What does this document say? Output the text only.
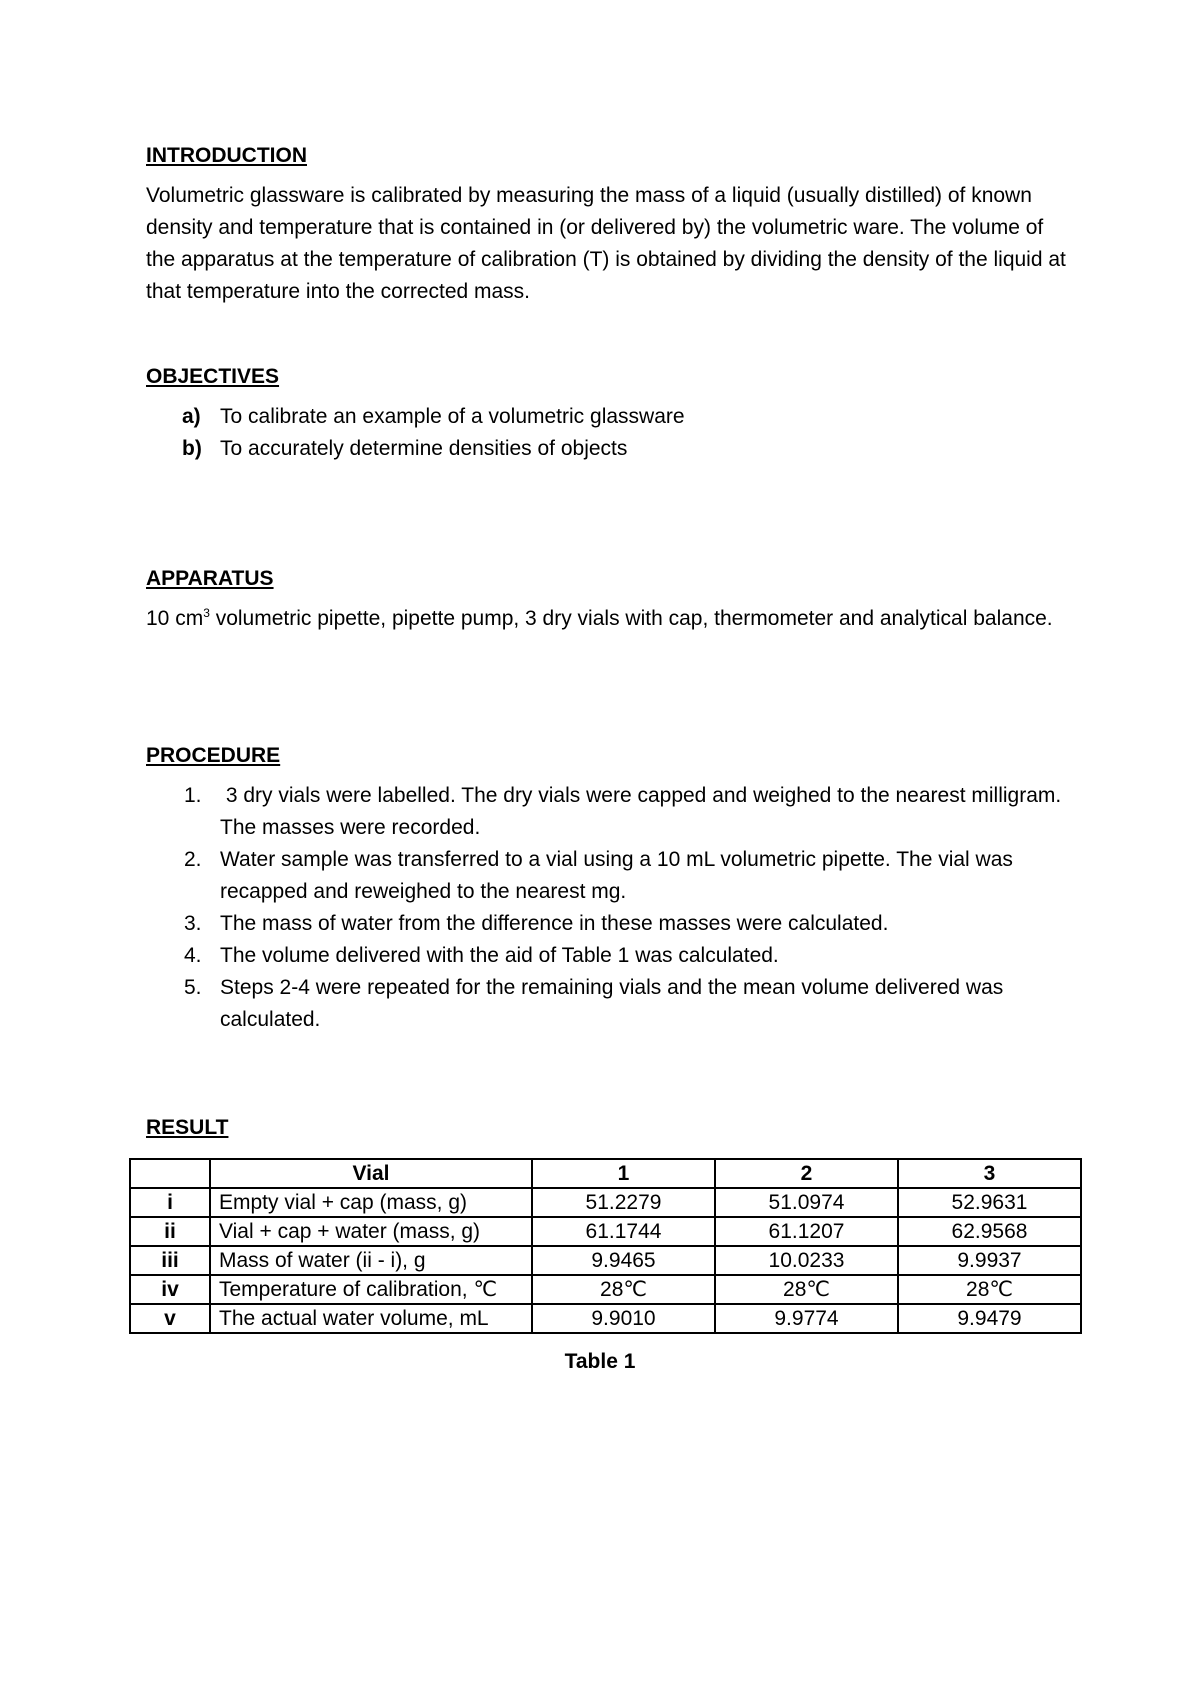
INTRODUCTION

Volumetric glassware is calibrated by measuring the mass of a liquid (usually distilled) of known density and temperature that is contained in (or delivered by) the volumetric ware. The volume of the apparatus at the temperature of calibration (T) is obtained by dividing the density of the liquid at that temperature into the corrected mass.

OBJECTIVES
a) To calibrate an example of a volumetric glassware
b) To accurately determine densities of objects
APPARATUS

10 $cm^3$ volumetric pipette, pipette pump, 3 dry vials with cap, thermometer and analytical balance.

PROCEDURE
1. 3 dry vials were labelled. The dry vials were capped and weighed to the nearest milligram. The masses were recorded.
2. Water sample was transferred to a vial using a 10 mL volumetric pipette. The vial was recapped and reweighed to the nearest mg.
3. The mass of water from the difference in these masses were calculated.
4. The volume delivered with the aid of Table 1 was calculated.
5. Steps 2-4 were repeated for the remaining vials and the mean volume delivered was calculated.
RESULT
	Vial	1	2	3
i	Empty vial + cap (mass, g)	51.2279	51.0974	52.9631
ii	Vial + cap + water (mass, g)	61.1744	61.1207	62.9568
iii	Mass of water (ii - i), g	9.9465	10.0233	9.9937
iv	Temperature of calibration, ℃	28℃	28℃	28℃
v	The actual water volume, mL	9.9010	9.9774	9.9479
Table 1
